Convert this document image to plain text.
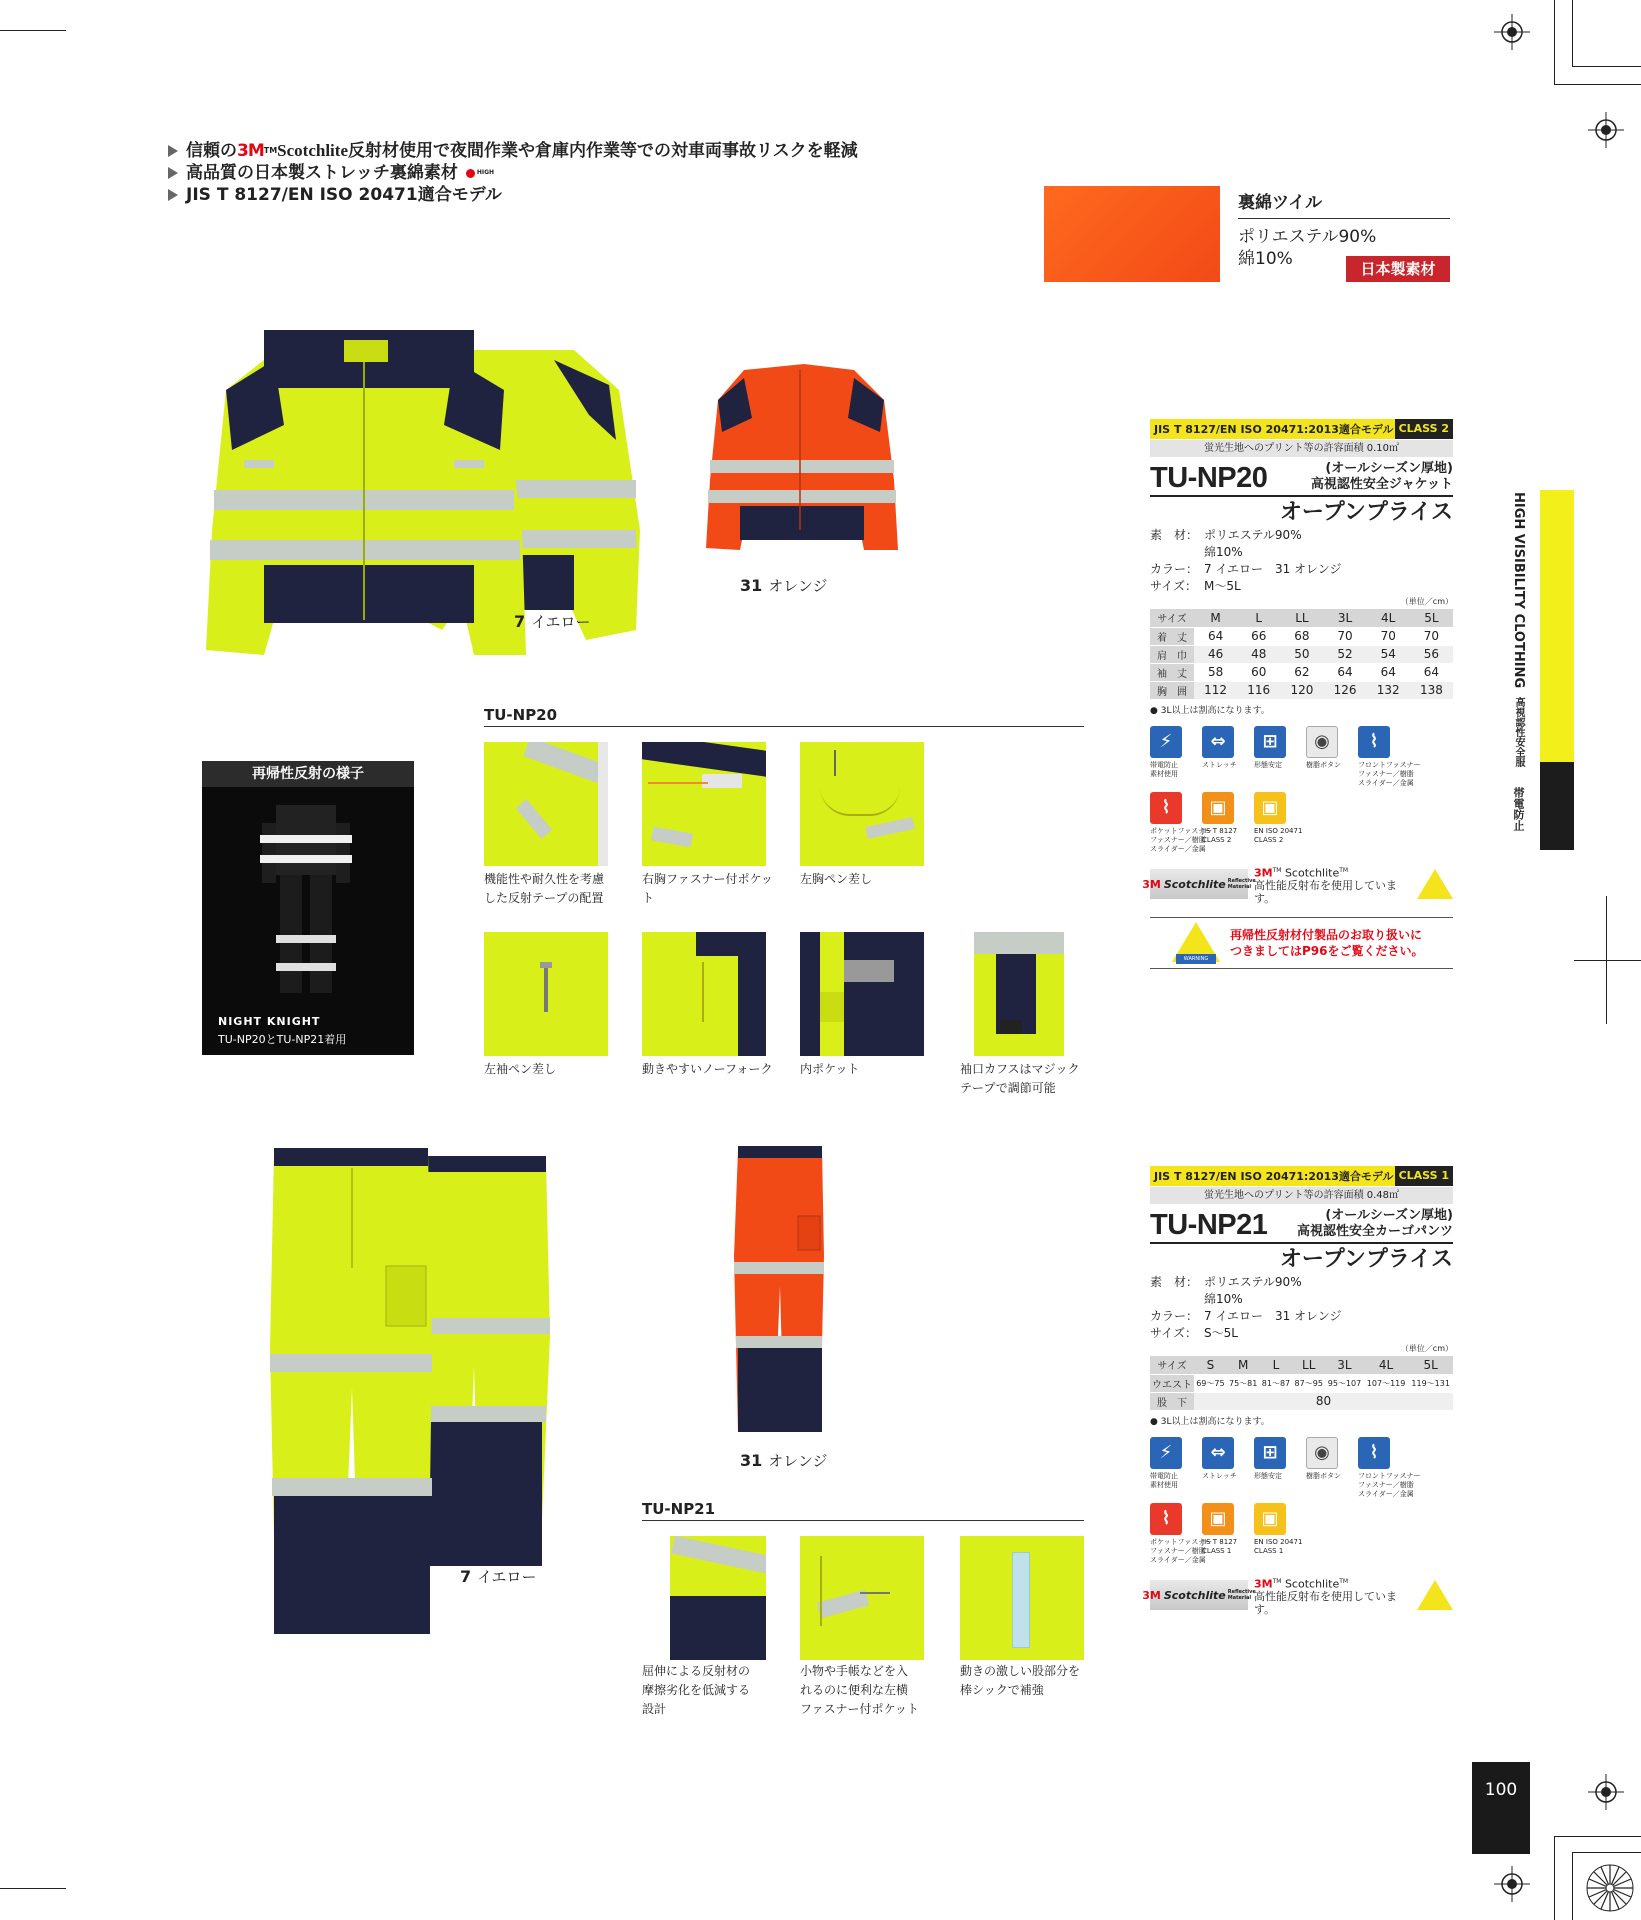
信頼の 3M TM Scotchlite 反射材使用で夜間作業や倉庫内作業等での対車両事故リスクを軽減
高品質の日本製ストレッチ裏綿素材	HIGH
JIS T 8127/EN ISO 20471適合モデル	裏綿ツイル
ポリエステル90%
綿10%	日本製素材
7 イエロー
31 オレンジ
再帰性反射の様子
NIGHT KNIGHT
TU-NP20とTU-NP21着用
TU-NP20
機能性や耐久性を考慮
した反射テープの配置
右胸ファスナー付ポケット
左胸ペン差し
左袖ペン差し	動きやすいノーフォーク	内ポケット	袖口カフスはマジック
テープで調節可能
7 イエロー
31 オレンジ
TU-NP21
屈伸による反射材の
摩擦劣化を低減する
設計
小物や手帳などを入
れるのに便利な左横
ファスナー付ポケット
動きの激しい股部分を
棒シックで補強
JIS T 8127/EN ISO 20471:2013適合モデル CLASS 2
蛍光生地へのプリント等の許容面積 0.10㎡
TU-NP20	(オールシーズン厚地)
高視認性安全ジャケット
オープンプライス
素　材： ポリエステル90%
綿10%
カラー： 7 イエロー　31 オレンジ
サイズ： M〜5L
（単位／cm）
サイズ	M	L	LL	3L	4L	5L
着　丈	64	66	68	70	70	70
肩　巾	46	48	50	52	54	56
袖　丈	58	60	62	64	64	64
胸　囲	112	116	120	126	132	138
● 3L以上は割高になります。
⚡
帯電防止
素材使用
⇔
ストレッチ
⊞
形態安定
◉
樹脂ボタン
⌇
フロントファスナー
ファスナー／樹脂
スライダー／金属
⌇
ポケットファスナー
ファスナー／樹脂
スライダー／金属
▣
JIS T 8127
CLASS 2
▣
EN ISO 20471
CLASS 2
3M Scotchlite Reflective Material
3M™ Scotchlite™
高性能反射布を使用しています。
WARNING
再帰性反射材付製品のお取り扱いに
つきましてはP96をご覧ください。
JIS T 8127/EN ISO 20471:2013適合モデル CLASS 1
蛍光生地へのプリント等の許容面積 0.48㎡
TU-NP21	(オールシーズン厚地)
高視認性安全カーゴパンツ
オープンプライス
素　材： ポリエステル90%
綿10%
カラー： 7 イエロー　31 オレンジ
サイズ： S〜5L
（単位／cm）
サイズ	S	M	L	LL	3L	4L	5L
ウエスト	69〜75	75〜81	81〜87	87〜95	95〜107	107〜119	119〜131
股　下	80						
● 3L以上は割高になります。
⚡
帯電防止
素材使用
⇔
ストレッチ
⊞
形態安定
◉
樹脂ボタン
⌇
フロントファスナー
ファスナー／樹脂
スライダー／金属
⌇
ポケットファスナー
ファスナー／樹脂
スライダー／金属
▣
JIS T 8127
CLASS 1
▣
EN ISO 20471
CLASS 1
3M Scotchlite Reflective Material
3M™ Scotchlite™
高性能反射布を使用しています。
HIGH VISIBILITY CLOTHING 高視認性安全服 帯電防止
100
